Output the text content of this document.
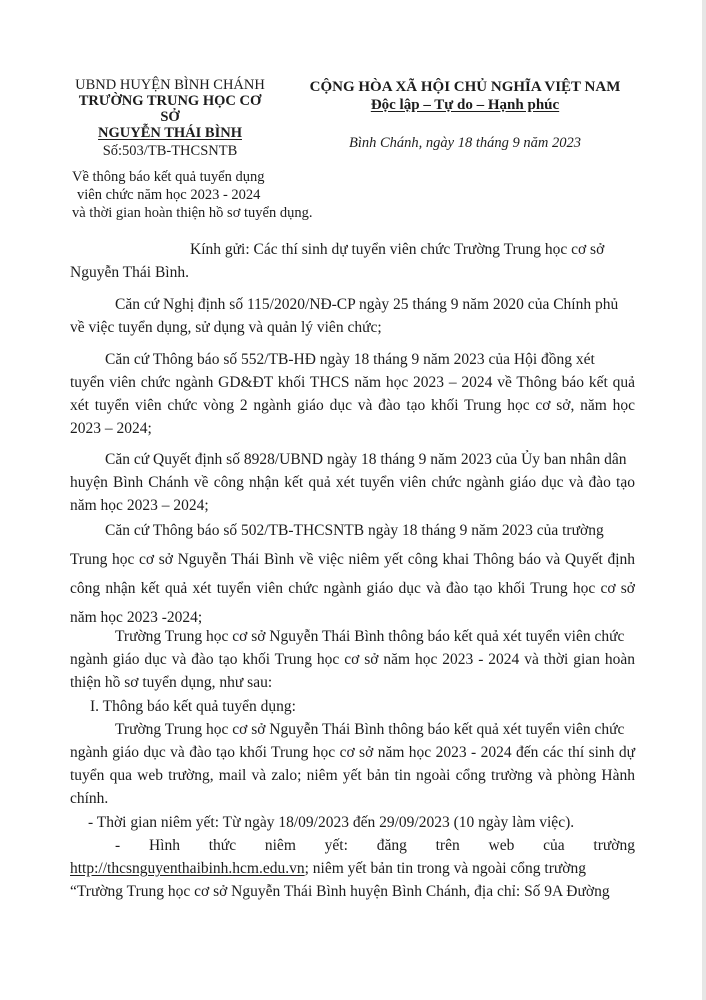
UBND HUYỆN BÌNH CHÁNH
TRƯỜNG TRUNG HỌC CƠ SỞ
NGUYỄN THÁI BÌNH
Số:503/TB-THCSNTB
CỘNG HÒA XÃ HỘI CHỦ NGHĨA VIỆT NAM
Độc lập – Tự do – Hạnh phúc
Bình Chánh, ngày 18 tháng 9 năm 2023
Về thông báo kết quả tuyển dụng
viên chức năm học 2023 - 2024
và thời gian hoàn thiện hồ sơ tuyển dụng.
Kính gửi: Các thí sinh dự tuyển viên chức Trường Trung học cơ sở
Nguyễn Thái Bình.
Căn cứ Nghị định số 115/2020/NĐ-CP ngày 25 tháng 9 năm 2020 của Chính phủ
về việc tuyển dụng, sử dụng và quản lý viên chức;
Căn cứ Thông báo số 552/TB-HĐ ngày 18 tháng 9 năm 2023 của Hội đồng xét
tuyển viên chức ngành GD&ĐT khối THCS năm học 2023 – 2024 về Thông báo kết quả xét tuyển viên chức vòng 2 ngành giáo dục và đào tạo khối Trung học cơ sở, năm học 2023 – 2024;
Căn cứ Quyết định số 8928/UBND ngày 18 tháng 9 năm 2023 của Ủy ban nhân dân
huyện Bình Chánh về công nhận kết quả xét tuyển viên chức ngành giáo dục và đào tạo năm học 2023 – 2024;
Căn cứ Thông báo số 502/TB-THCSNTB ngày 18 tháng 9 năm 2023 của trường
Trung học cơ sở Nguyễn Thái Bình về việc niêm yết công khai Thông báo và Quyết định công nhận kết quả xét tuyển viên chức ngành giáo dục và đào tạo khối Trung học cơ sở năm học 2023 -2024;
Trường Trung học cơ sở Nguyễn Thái Bình thông báo kết quả xét tuyển viên chức
ngành giáo dục và đào tạo khối Trung học cơ sở năm học 2023 - 2024 và thời gian hoàn thiện hồ sơ tuyển dụng, như sau:
I. Thông báo kết quả tuyển dụng:
Trường Trung học cơ sở Nguyễn Thái Bình thông báo kết quả xét tuyển viên chức
ngành giáo dục và đào tạo khối Trung học cơ sở năm học 2023 - 2024 đến các thí sinh dự tuyển qua web trường, mail và zalo; niêm yết bản tin ngoài cổng trường và phòng Hành chính.
- Thời gian niêm yết: Từ ngày 18/09/2023 đến 29/09/2023 (10 ngày làm việc).
- Hình thức niêm yết: đăng trên web của trường
http://thcsnguyenthaibinh.hcm.edu.vn; niêm yết bản tin trong và ngoài cổng trường
“Trường Trung học cơ sở Nguyễn Thái Bình huyện Bình Chánh, địa chỉ: Số 9A Đường
